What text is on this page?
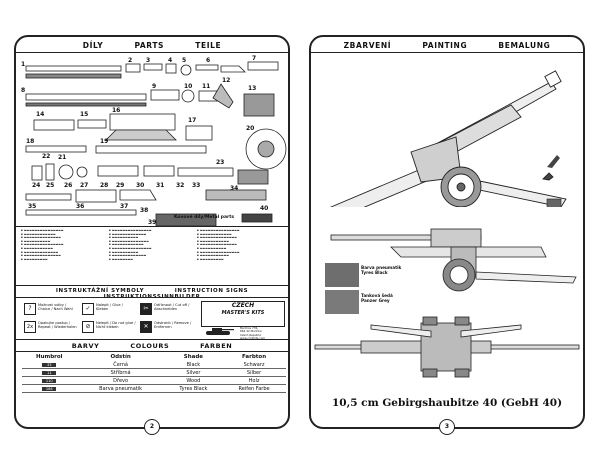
DÍLY	PARTS	TEILE
1
2 3	4 5	6	7
8
9	10 11
12
13
14	15
16
17
18	19
20
21
22
23
24 25 26 27 28 29 30 31 32 33	34
35	36	37
38
39
40
Kovové díly/Metal parts
▪ ▬▬▬▬▬▬▬▬▬▬▬▬▬▬▬
▪ ▬▬▬▬▬▬▬▬▬▬▬▬
▪ ▬▬▬▬▬▬▬▬▬▬▬▬▬▬
▪ ▬▬▬▬▬▬▬▬▬▬
▪ ▬▬▬▬▬▬▬▬▬▬▬▬▬▬▬
▪ ▬▬▬▬▬▬▬▬▬▬▬
▪ ▬▬▬▬▬▬▬▬▬▬▬▬▬
▪ ▬▬▬▬▬▬▬▬▬▬▬▬▬▬
▪ ▬▬▬▬▬▬▬▬▬
▪ ▬▬▬▬▬▬▬▬▬▬▬▬▬▬▬
▪ ▬▬▬▬▬▬▬▬▬▬▬▬▬
▪ ▬▬▬▬▬▬▬▬▬▬
▪ ▬▬▬▬▬▬▬▬▬▬▬▬▬▬
▪ ▬▬▬▬▬▬▬▬▬▬▬▬
▪ ▬▬▬▬▬▬▬▬▬▬▬▬▬▬▬
▪ ▬▬▬▬▬▬▬▬▬▬
▪ ▬▬▬▬▬▬▬▬▬▬▬▬▬
▪ ▬▬▬▬▬▬▬▬
▪ ▬▬▬▬▬▬▬▬▬▬▬▬▬▬▬
▪ ▬▬▬▬▬▬▬▬▬▬▬▬
▪ ▬▬▬▬▬▬▬▬▬▬▬▬▬▬
▪ ▬▬▬▬▬▬▬▬▬▬▬
▪ ▬▬▬▬▬▬▬▬▬▬▬▬▬▬
▪ ▬▬▬▬▬▬▬▬▬▬
▪ ▬▬▬▬▬▬▬▬▬▬▬▬▬▬▬
▪ ▬▬▬▬▬▬▬▬▬▬▬
▪ ▬▬▬▬▬▬▬▬▬
INSTRUKTÁŽNÍ SYMBOLY	INSTRUCTION SIGNS INSTRUKTIONSSINNBILDER
?	Možnost volby / Choice / Nach Wahl	✓	Nalepit / Glue / Kleben	✂	Odříznout / Cut off / Abschneiden
2x
Opakujte postup / Repeat / Wiederholen	⊘	Nelepit / Do not glue / Nicht kleben	✕	Odstranit / Remove / Entfernen
CZECH
MASTER'S KITS
Modřice 776,
664 42 Modřice
Czech Republic
www.cmkkits.com
BARVY	COLOURS	FARBEN
Humbrol	Odstín	Shade	Farbton
33	Černá	Black	Schwarz
11	Stříbrná	Silver	Silber
110	Dřevo	Wood	Holz
164	Barva pneumatik	Tyres Black	Reifen Farbe
2
ZBARVENÍ	PAINTING	BEMALUNG
Barva pneumatik
Tyres Black
Tanková šedá
Panzer Grey
10,5 cm Gebirgshaubitze 40 (GebH 40)
3
